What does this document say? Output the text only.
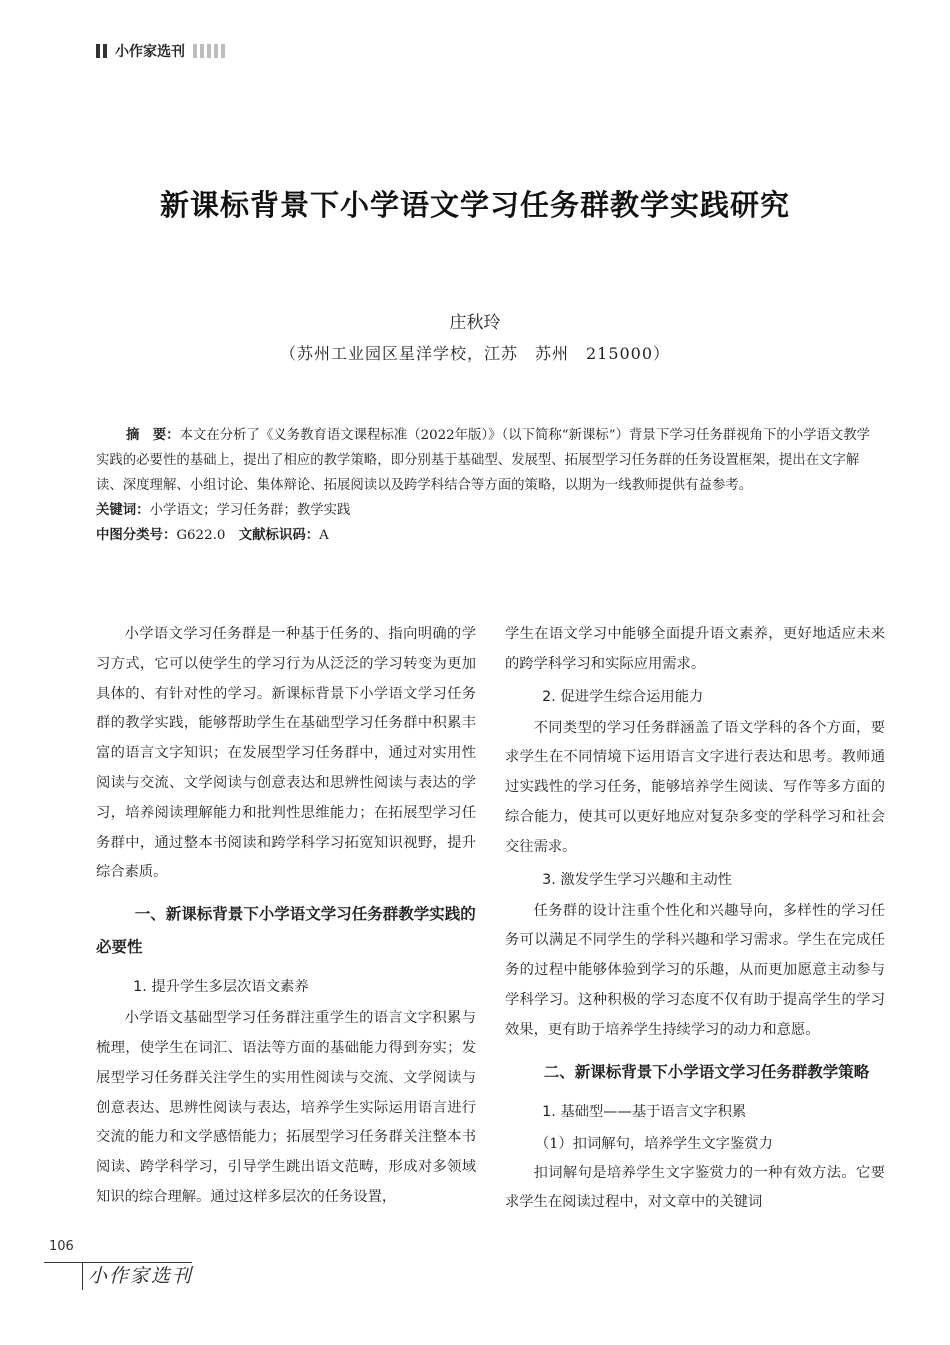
小作家选刊
新课标背景下小学语文学习任务群教学实践研究
庄秋玲
（苏州工业园区星洋学校，江苏　苏州　215000）

摘　要：本文在分析了《义务教育语文课程标准（2022年版）》（以下简称“新课标”）背景下学习任务群视角下的小学语文教学实践的必要性的基础上，提出了相应的教学策略，即分别基于基础型、发展型、拓展型学习任务群的任务设置框架，提出在文字解读、深度理解、小组讨论、集体辩论、拓展阅读以及跨学科结合等方面的策略，以期为一线教师提供有益参考。

关键词：小学语文；学习任务群；教学实践

中图分类号：G622.0　 文献标识码：A

小学语文学习任务群是一种基于任务的、指向明确的学习方式，它可以使学生的学习行为从泛泛的学习转变为更加具体的、有针对性的学习。新课标背景下小学语文学习任务群的教学实践，能够帮助学生在基础型学习任务群中积累丰富的语言文字知识；在发展型学习任务群中，通过对实用性阅读与交流、文学阅读与创意表达和思辨性阅读与表达的学习，培养阅读理解能力和批判性思维能力；在拓展型学习任务群中，通过整本书阅读和跨学科学习拓宽知识视野，提升综合素质。

一、新课标背景下小学语文学习任务群教学实践的必要性
1. 提升学生多层次语文素养

小学语文基础型学习任务群注重学生的语言文字积累与梳理，使学生在词汇、语法等方面的基础能力得到夯实；发展型学习任务群关注学生的实用性阅读与交流、文学阅读与创意表达、思辨性阅读与表达，培养学生实际运用语言进行交流的能力和文学感悟能力；拓展型学习任务群关注整本书阅读、跨学科学习，引导学生跳出语文范畴，形成对多领域知识的综合理解。通过这样多层次的任务设置，

学生在语文学习中能够全面提升语文素养，更好地适应未来的跨学科学习和实际应用需求。

2. 促进学生综合运用能力

不同类型的学习任务群涵盖了语文学科的各个方面，要求学生在不同情境下运用语言文字进行表达和思考。教师通过实践性的学习任务，能够培养学生阅读、写作等多方面的综合能力，使其可以更好地应对复杂多变的学科学习和社会交往需求。

3. 激发学生学习兴趣和主动性

任务群的设计注重个性化和兴趣导向，多样性的学习任务可以满足不同学生的学科兴趣和学习需求。学生在完成任务的过程中能够体验到学习的乐趣，从而更加愿意主动参与学科学习。这种积极的学习态度不仅有助于提高学生的学习效果，更有助于培养学生持续学习的动力和意愿。

二、新课标背景下小学语文学习任务群教学策略
1. 基础型——基于语言文字积累
（1）扣词解句，培养学生文字鉴赏力

扣词解句是培养学生文字鉴赏力的一种有效方法。它要求学生在阅读过程中，对文章中的关键词

106
小作家选刊
